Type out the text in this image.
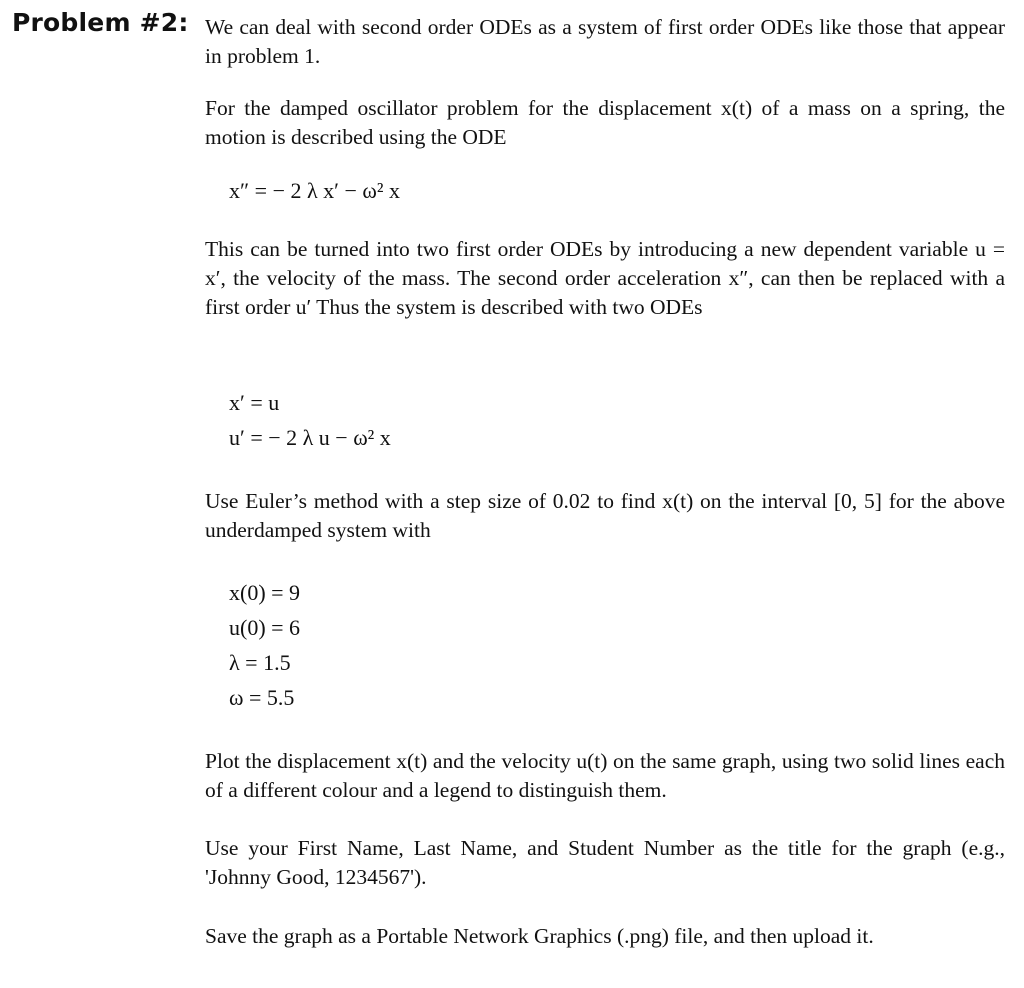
Problem #2: We can deal with second order ODEs as a system of first order ODEs like those that appear in problem 1.
For the damped oscillator problem for the displacement x(t) of a mass on a spring, the motion is described using the ODE
x″ = − 2 λ x′ − ω² x
This can be turned into two first order ODEs by introducing a new dependent variable u = x′, the velocity of the mass. The second order acceleration x″, can then be replaced with a first order u′ Thus the system is described with two ODEs
x′ = u
u′ = − 2 λ u − ω² x
Use Euler’s method with a step size of 0.02 to find x(t) on the interval [0, 5] for the above underdamped system with
x(0) = 9
u(0) = 6
λ = 1.5
ω = 5.5
Plot the displacement x(t) and the velocity u(t) on the same graph, using two solid lines each of a different colour and a legend to distinguish them.
Use your First Name, Last Name, and Student Number as the title for the graph (e.g., 'Johnny Good, 1234567').
Save the graph as a Portable Network Graphics (.png) file, and then upload it.
